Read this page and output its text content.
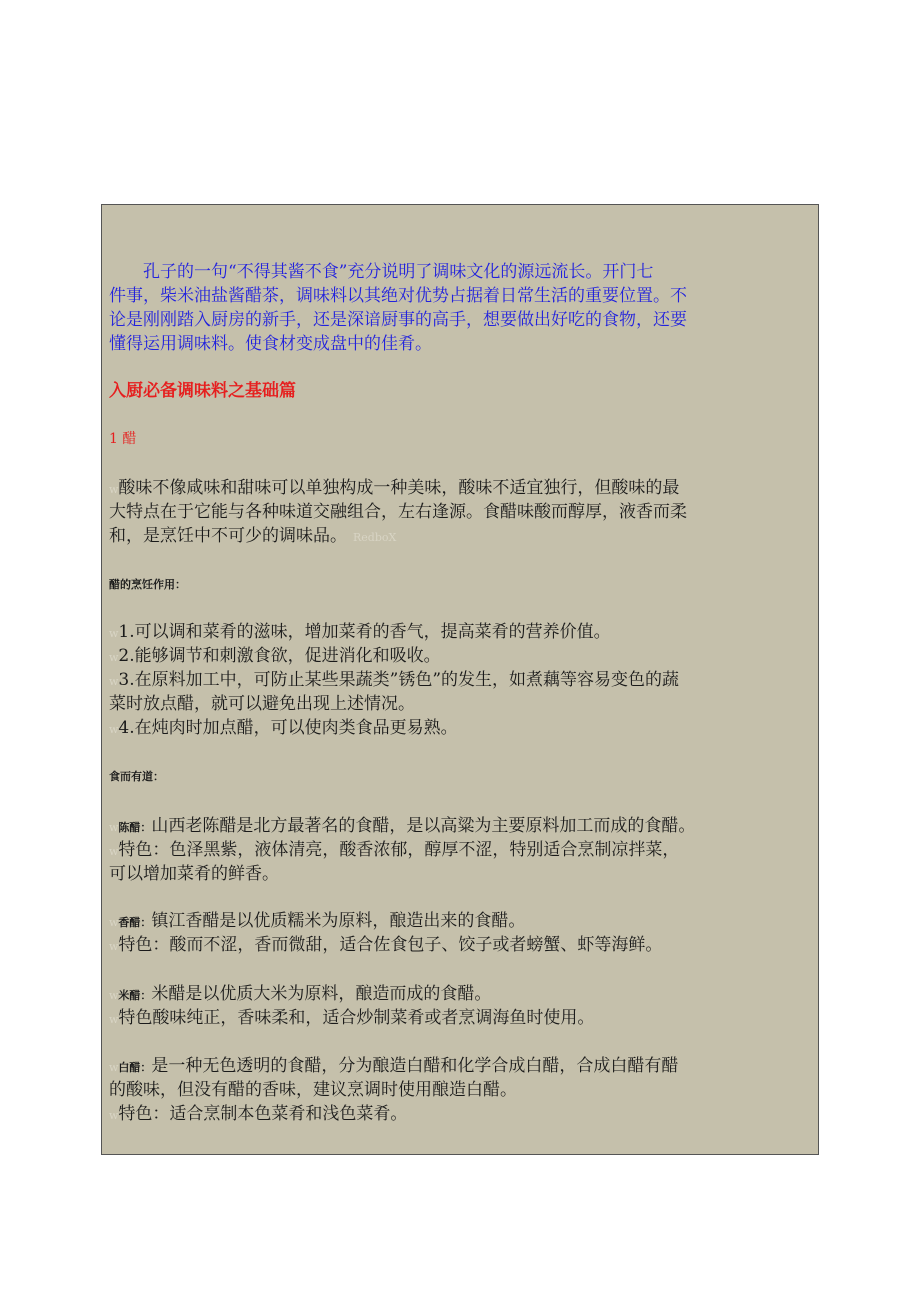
　　孔子的一句“不得其酱不食”充分说明了调味文化的源远流长。开门七
件事，柴米油盐酱醋茶，调味料以其绝对优势占据着日常生活的重要位置。不
论是刚刚踏入厨房的新手，还是深谙厨事的高手，想要做出好吃的食物，还要
懂得运用调味料。使食材变成盘中的佳肴。
入厨必备调味料之基础篇
1 醋
w酸味不像咸味和甜味可以单独构成一种美味，酸味不适宜独行，但酸味的最
大特点在于它能与各种味道交融组合，左右逢源。食醋味酸而醇厚，液香而柔
和，是烹饪中不可少的调味品。 RedboX
醋的烹饪作用：
w1.可以调和菜肴的滋味，增加菜肴的香气，提高菜肴的营养价值。
w2.能够调节和刺激食欲，促进消化和吸收。
w3.在原料加工中，可防止某些果蔬类”锈色”的发生，如煮藕等容易变色的蔬
菜时放点醋，就可以避免出现上述情况。
w4.在炖肉时加点醋，可以使肉类食品更易熟。
食而有道：
w陈醋：山西老陈醋是北方最著名的食醋，是以高粱为主要原料加工而成的食醋。
w特色：色泽黑紫，液体清亮，酸香浓郁，醇厚不涩，特别适合烹制凉拌菜，
可以增加菜肴的鲜香。
w香醋：镇江香醋是以优质糯米为原料，酿造出来的食醋。
w特色：酸而不涩，香而微甜，适合佐食包子、饺子或者螃蟹、虾等海鲜。
w米醋：米醋是以优质大米为原料，酿造而成的食醋。
w特色酸味纯正，香味柔和，适合炒制菜肴或者烹调海鱼时使用。
w白醋：是一种无色透明的食醋，分为酿造白醋和化学合成白醋，合成白醋有醋
的酸味，但没有醋的香味，建议烹调时使用酿造白醋。
w特色：适合烹制本色菜肴和浅色菜肴。
